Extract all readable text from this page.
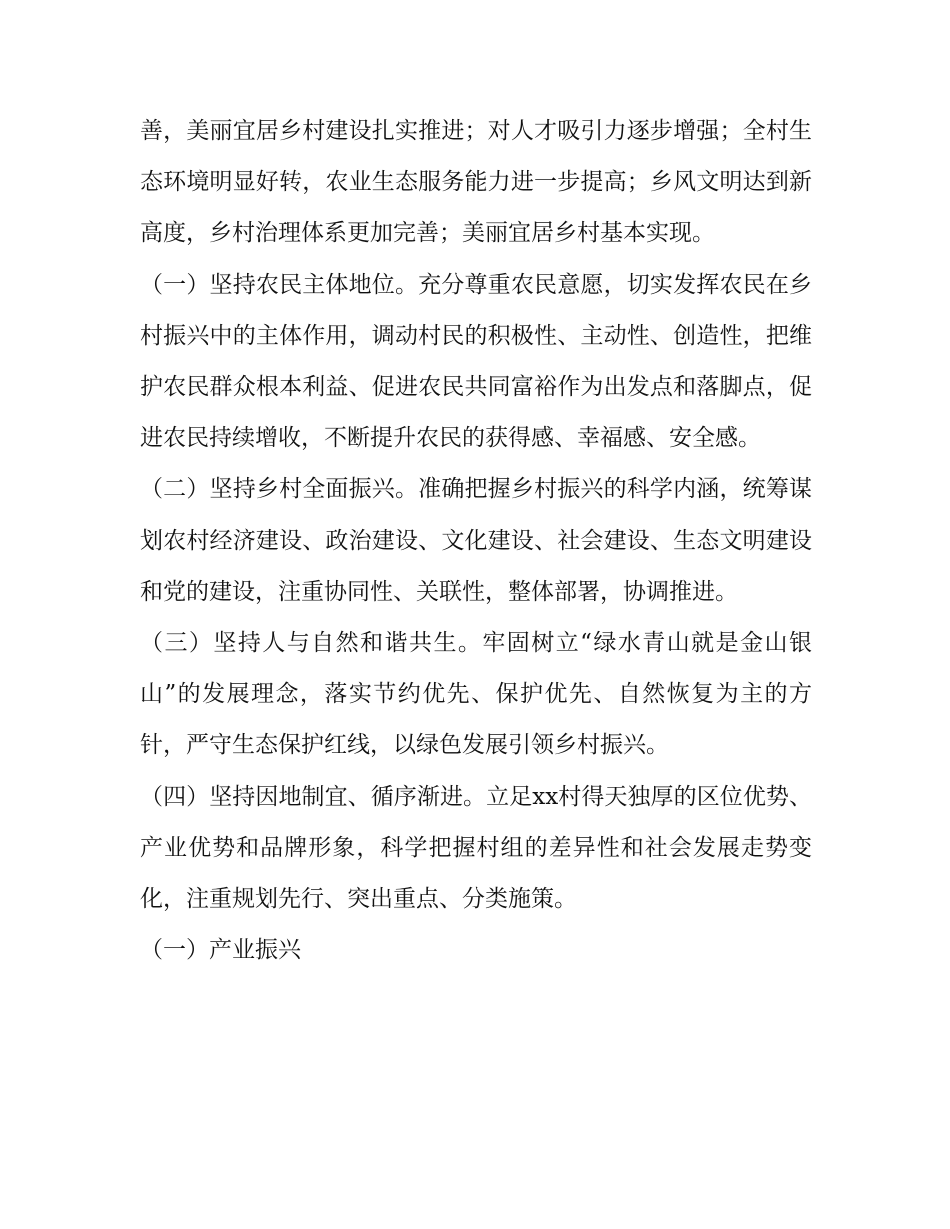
善，美丽宜居乡村建设扎实推进；对人才吸引力逐步增强；全村生态环境明显好转，农业生态服务能力进一步提高；乡风文明达到新高度，乡村治理体系更加完善；美丽宜居乡村基本实现。

（一）坚持农民主体地位。充分尊重农民意愿，切实发挥农民在乡村振兴中的主体作用，调动村民的积极性、主动性、创造性，把维护农民群众根本利益、促进农民共同富裕作为出发点和落脚点，促进农民持续增收，不断提升农民的获得感、幸福感、安全感。

（二）坚持乡村全面振兴。准确把握乡村振兴的科学内涵，统筹谋划农村经济建设、政治建设、文化建设、社会建设、生态文明建设和党的建设，注重协同性、关联性，整体部署，协调推进。

（三）坚持人与自然和谐共生。牢固树立“绿水青山就是金山银山”的发展理念，落实节约优先、保护优先、自然恢复为主的方针，严守生态保护红线，以绿色发展引领乡村振兴。

（四）坚持因地制宜、循序渐进。立足xx村得天独厚的区位优势、产业优势和品牌形象，科学把握村组的差异性和社会发展走势变化，注重规划先行、突出重点、分类施策。

（一）产业振兴
